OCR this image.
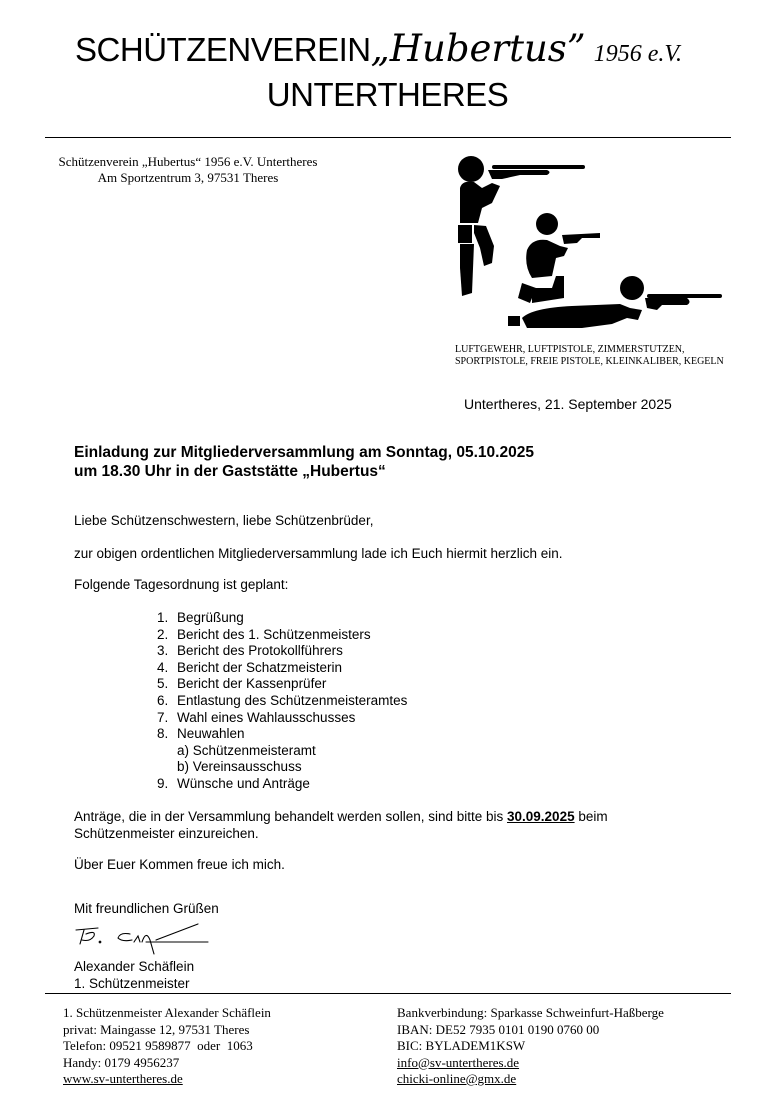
SCHÜTZENVEREIN„Hubertus” 1956 e.V.
UNTERTHERES
Schützenverein „Hubertus“ 1956 e.V. Untertheres
Am Sportzentrum 3, 97531 Theres
LUFTGEWEHR, LUFTPISTOLE, ZIMMERSTUTZEN, SPORTPISTOLE, FREIE PISTOLE, KLEINKALIBER, KEGELN
Untertheres, 21. September 2025
Einladung zur Mitgliederversammlung am Sonntag, 05.10.2025
um 18.30 Uhr in der Gaststätte „Hubertus“
Liebe Schützenschwestern, liebe Schützenbrüder,
zur obigen ordentlichen Mitgliederversammlung lade ich Euch hiermit herzlich ein.
Folgende Tagesordnung ist geplant:
1. Begrüßung
2. Bericht des 1. Schützenmeisters
3. Bericht des Protokollführers
4. Bericht der Schatzmeisterin
5. Bericht der Kassenprüfer
6. Entlastung des Schützenmeisteramtes
7. Wahl eines Wahlausschusses
8. Neuwahlen
a) Schützenmeisteramt
b) Vereinsausschuss
9. Wünsche und Anträge
Anträge, die in der Versammlung behandelt werden sollen, sind bitte bis 30.09.2025 beim Schützenmeister einzureichen.
Über Euer Kommen freue ich mich.
Mit freundlichen Grüßen
Alexander Schäflein
1. Schützenmeister
1. Schützenmeister Alexander Schäflein
privat: Maingasse 12, 97531 Theres
Telefon: 09521 9589877  oder  1063
Handy: 0179 4956237
www.sv-untertheres.de
Bankverbindung: Sparkasse Schweinfurt-Haßberge
IBAN: DE52 7935 0101 0190 0760 00
BIC: BYLADEM1KSW
info@sv-untertheres.de
chicki-online@gmx.de
